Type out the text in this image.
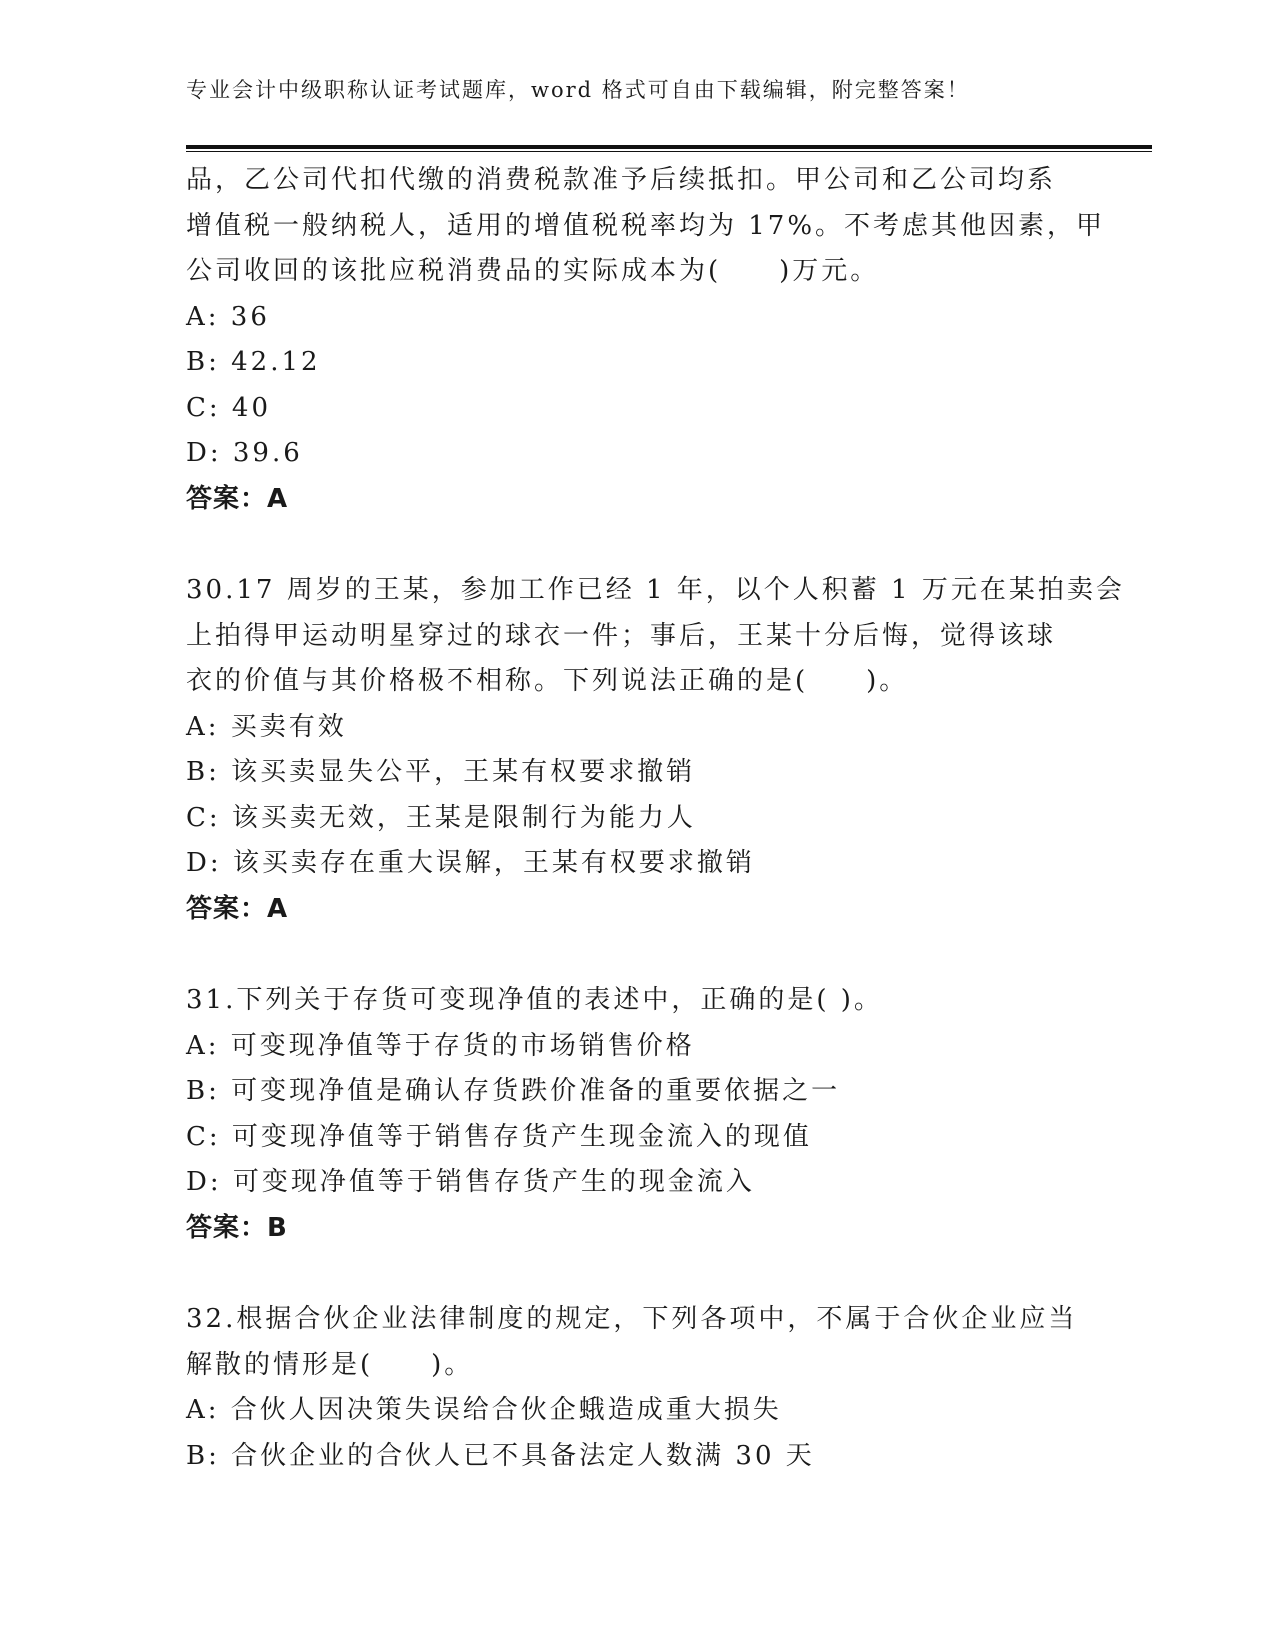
专业会计中级职称认证考试题库，word 格式可自由下载编辑，附完整答案！
品，乙公司代扣代缴的消费税款准予后续抵扣。甲公司和乙公司均系
增值税一般纳税人，适用的增值税税率均为 17%。不考虑其他因素，甲
公司收回的该批应税消费品的实际成本为(　　)万元。
A: 36
B: 42.12
C: 40
D: 39.6
答案：A
30.17 周岁的王某，参加工作已经 1 年，以个人积蓄 1 万元在某拍卖会
上拍得甲运动明星穿过的球衣一件；事后，王某十分后悔，觉得该球
衣的价值与其价格极不相称。下列说法正确的是(　　)。
A: 买卖有效
B: 该买卖显失公平，王某有权要求撤销
C: 该买卖无效，王某是限制行为能力人
D: 该买卖存在重大误解，王某有权要求撤销
答案：A
31.下列关于存货可变现净值的表述中，正确的是( )。
A: 可变现净值等于存货的市场销售价格
B: 可变现净值是确认存货跌价准备的重要依据之一
C: 可变现净值等于销售存货产生现金流入的现值
D: 可变现净值等于销售存货产生的现金流入
答案：B
32.根据合伙企业法律制度的规定，下列各项中，不属于合伙企业应当
解散的情形是(　　)。
A: 合伙人因决策失误给合伙企蛾造成重大损失
B: 合伙企业的合伙人已不具备法定人数满 30 天
